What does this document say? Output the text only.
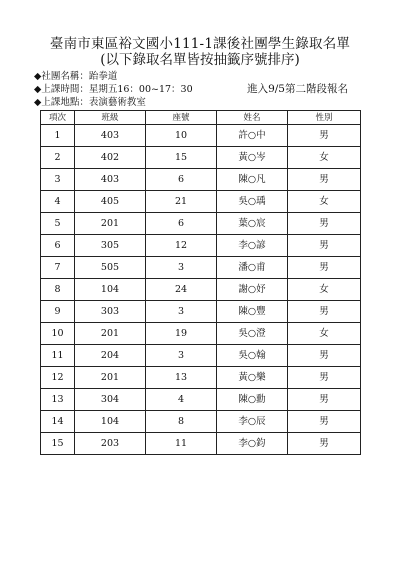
臺南市東區裕文國小111-1課後社團學生錄取名單
(以下錄取名單皆按抽籤序號排序)
◆ 社團名稱：跆拳道
◆ 上課時間：星期五16：00~17：30
◆ 上課地點：表演藝術教室
進入9/5第二階段報名
項次	班級	座號	姓名	性別
1	403	10	許○中	男
2	402	15	黃○岑	女
3	403	6	陳○凡	男
4	405	21	吳○瑀	女
5	201	6	葉○宸	男
6	305	12	李○諺	男
7	505	3	潘○甫	男
8	104	24	謝○妤	女
9	303	3	陳○豐	男
10	201	19	吳○澄	女
11	204	3	吳○翰	男
12	201	13	黃○樂	男
13	304	4	陳○勳	男
14	104	8	李○辰	男
15	203	11	李○鈞	男
